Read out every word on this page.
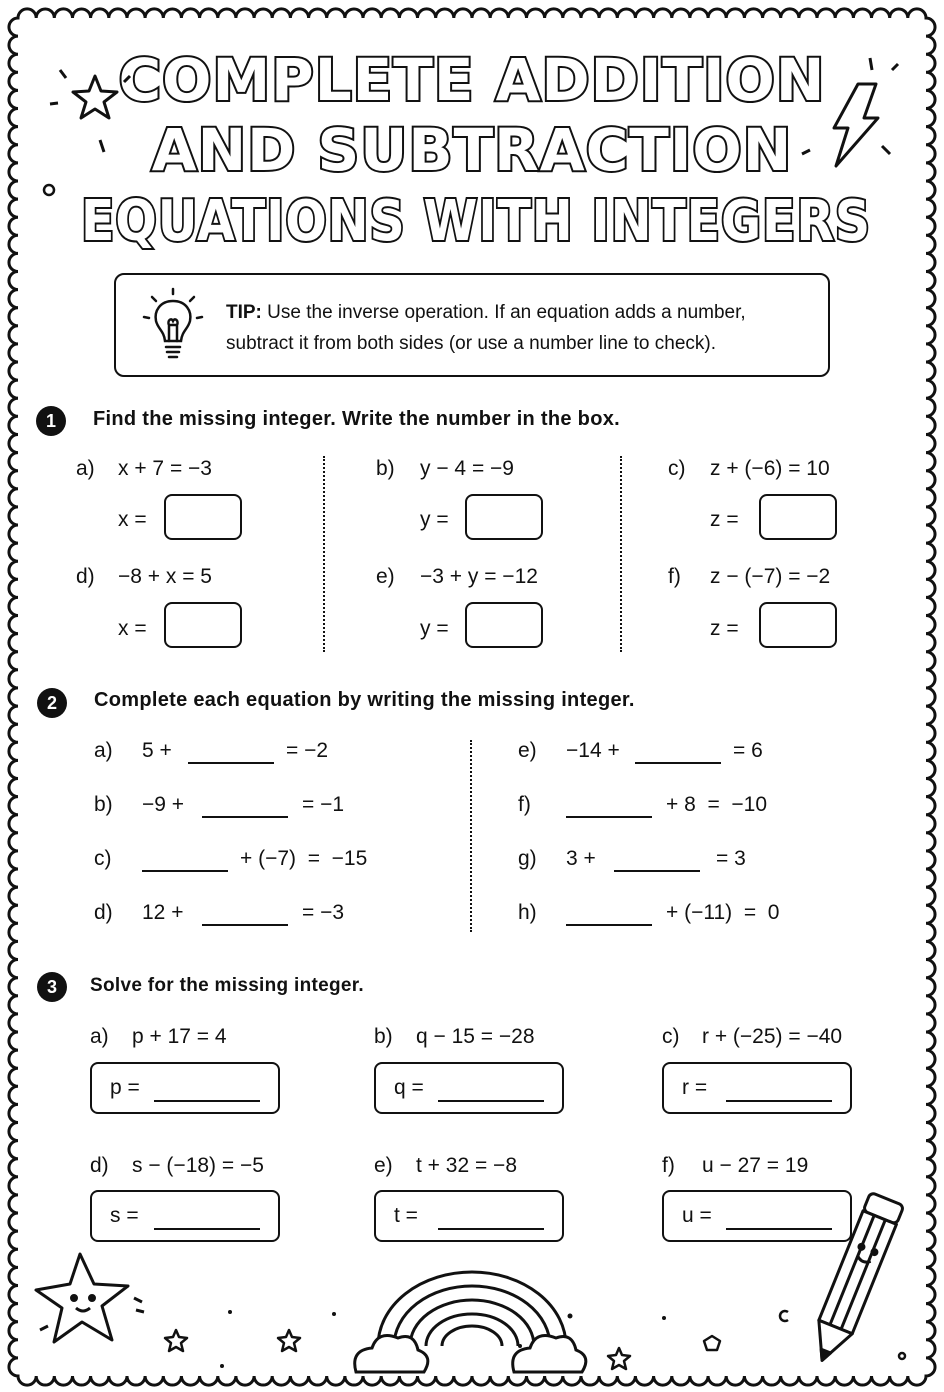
COMPLETE ADDITION
AND SUBTRACTION
EQUATIONS WITH INTEGERS
TIP: Use the inverse operation. If an equation adds a number,
subtract it from both sides (or use a number line to check).
1	Find the missing integer. Write the number in the box.
a) x + 7 = −3
x =
b) y − 4 = −9
y =
c) z + (−6) = 10
z =
d) −8 + x = 5
x =
e) −3 + y = −12
y =
f) z − (−7) = −2
z =
2	Complete each equation by writing the missing integer.
a) 5 +	= −2
b) −9 +	= −1
c)	+ (−7)  =  −15
d) 12 +	= −3
e) −14 +	= 6
f)	+ 8  =  −10
g) 3 +	= 3
h)	+ (−11)  =  0
3	Solve for the missing integer.
a) p + 17 = 4
p =
b) q − 15 = −28
q =
c) r + (−25) = −40
r =
d) s − (−18) = −5
s =
e) t + 32 = −8
t =
f) u − 27 = 19
u =
